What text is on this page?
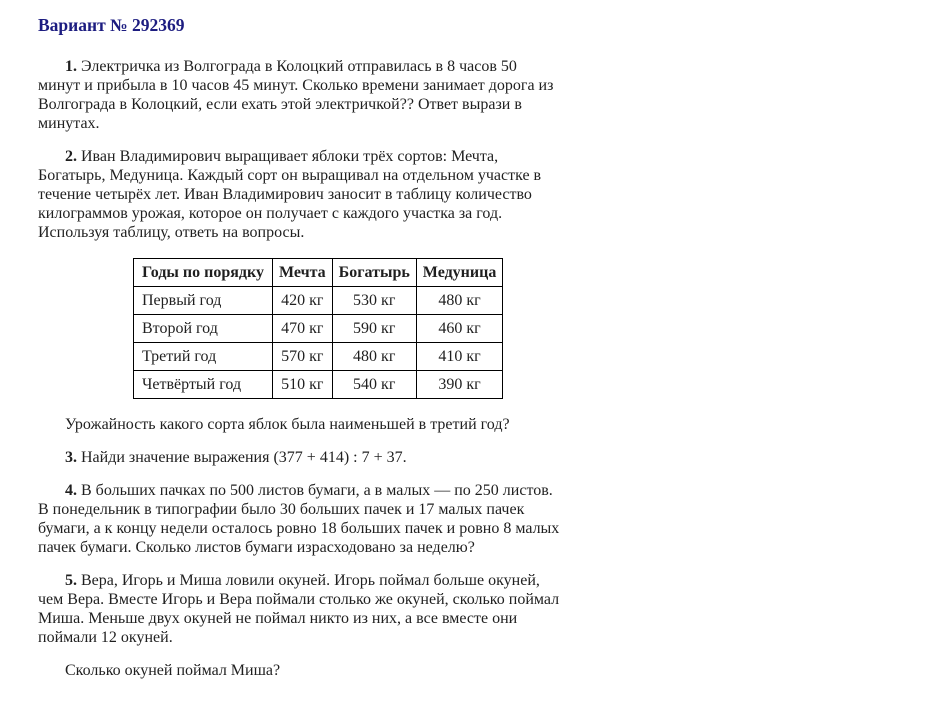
Вариант № 292369

1. Электричка из Волгограда в Колоцкий отправилась в 8 часов 50 минут и прибыла в 10 часов 45 минут. Сколько времени занимает дорога из Волгограда в Колоцкий, если ехать этой электричкой?? Ответ вырази в минутах.

2. Иван Владимирович выращивает яблоки трёх сортов: Мечта, Богатырь, Медуница. Каждый сорт он выращивал на отдельном участке в течение четырёх лет. Иван Владимирович заносит в таблицу количество килограммов урожая, которое он получает с каждого участка за год. Используя таблицу, ответь на вопросы.

Годы по порядку	Мечта	Богатырь	Медуница
Первый год	420 кг	530 кг	480 кг
Второй год	470 кг	590 кг	460 кг
Третий год	570 кг	480 кг	410 кг
Четвёртый год	510 кг	540 кг	390 кг

Урожайность какого сорта яблок была наименьшей в третий год?

3. Найди значение выражения (377 + 414) : 7 + 37.

4. В больших пачках по 500 листов бумаги, а в малых — по 250 листов. В понедельник в типографии было 30 больших пачек и 17 малых пачек бумаги, а к концу недели осталось ровно 18 больших пачек и ровно 8 малых пачек бумаги. Сколько листов бумаги израсходовано за неделю?

5. Вера, Игорь и Миша ловили окуней. Игорь поймал больше окуней, чем Вера. Вместе Игорь и Вера поймали столько же окуней, сколько поймал Миша. Меньше двух окуней не поймал никто из них, а все вместе они поймали 12 окуней.

Сколько окуней поймал Миша?
